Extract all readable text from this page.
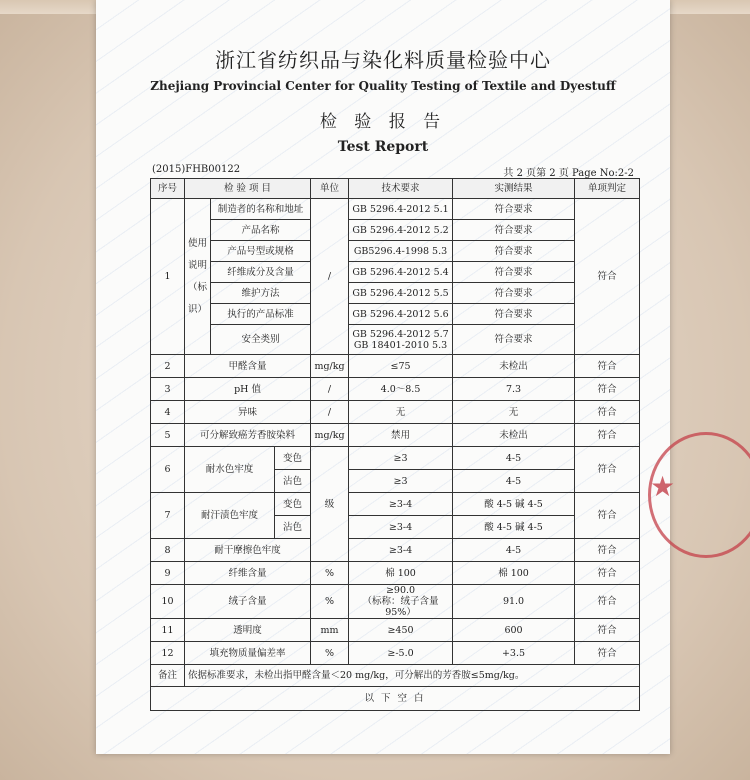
浙江省纺织品与染化料质量检验中心
Zhejiang Provincial Center for Quality Testing of Textile and Dyestuff
检 验 报 告
Test Report
(2015)FHB00122	共 2 页第 2 页 Page No:2-2
序号	检 验 项 目			单位	技术要求	实测结果	单项判定
1	使用说明（标识）	制造者的名称和地址		/	GB 5296.4-2012 5.1	符合要求	符合
		产品名称			GB 5296.4-2012 5.2	符合要求	
		产品号型或规格			GB5296.4-1998 5.3	符合要求	
		纤维成分及含量			GB 5296.4-2012 5.4	符合要求	
		维护方法			GB 5296.4-2012 5.5	符合要求	
		执行的产品标准			GB 5296.4-2012 5.6	符合要求	
		安全类别			GB 5296.4-2012 5.7
GB 18401-2010 5.3	符合要求	
2	甲醛含量			mg/kg	≤75	未检出	符合
3	pH 值			/	4.0～8.5	7.3	符合
4	异味			/	无	无	符合
5	可分解致癌芳香胺染料			mg/kg	禁用	未检出	符合
6	耐水色牢度		变色	级	≥3	4-5	符合
			沾色		≥3	4-5	
7	耐汗渍色牢度		变色		≥3-4	酸 4-5 碱 4-5	符合
			沾色		≥3-4	酸 4-5 碱 4-5	
8	耐干摩擦色牢度				≥3-4	4-5	符合
9	纤维含量			%	棉 100	棉 100	符合
10	绒子含量			%	≥90.0
（标称：绒子含量 95%）	91.0	符合
11	透明度			mm	≥450	600	符合
12	填充物质量偏差率			%	≥-5.0	+3.5	符合
备注	依据标准要求，未检出指甲醛含量＜20 mg/kg，可分解出的芳香胺≤5mg/kg。						
以 下 空 白							
★
